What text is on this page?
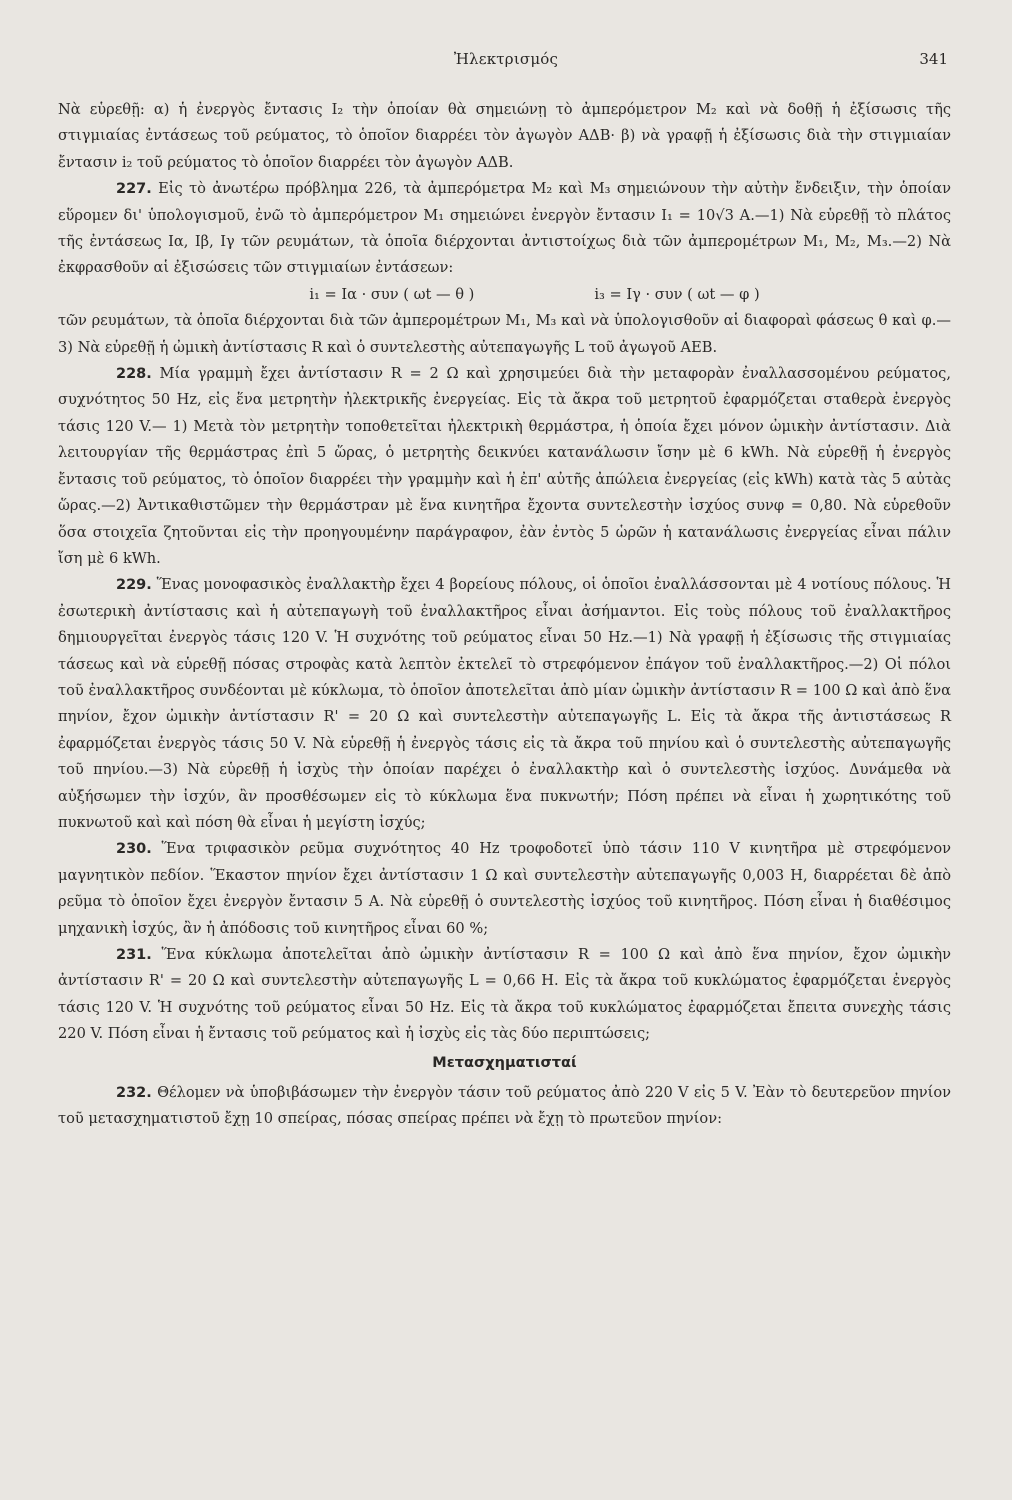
Ἠλεκτρισμός	341

Νὰ εὑρεθῇ: α) ἡ ἐνεργὸς ἔντασις I₂ τὴν ὁποίαν θὰ σημειώνῃ τὸ ἀμπερόμετρον M₂ καὶ νὰ δοθῇ ἡ ἐξίσωσις τῆς στιγμιαίας ἐντάσεως τοῦ ρεύματος, τὸ ὁποῖον διαρρέει τὸν ἀγωγὸν ΑΔΒ· β) νὰ γραφῇ ἡ ἐξίσωσις διὰ τὴν στιγμιαίαν ἔντασιν i₂ τοῦ ρεύματος τὸ ὁποῖον διαρρέει τὸν ἀγωγὸν ΑΔΒ.

227. Εἰς τὸ ἀνωτέρω πρόβλημα 226, τὰ ἀμπερόμετρα M₂ καὶ M₃ σημειώνουν τὴν αὐτὴν ἔνδειξιν, τὴν ὁποίαν εὕρομεν δι' ὑπολογισμοῦ, ἐνῶ τὸ ἀμπερόμετρον M₁ σημειώνει ἐνεργὸν ἔντασιν I₁ = 10√3 A.—1) Νὰ εὑρεθῇ τὸ πλάτος τῆς ἐντάσεως Iα, Iβ, Iγ τῶν ρευμάτων, τὰ ὁποῖα διέρχονται ἀντιστοίχως διὰ τῶν ἀμπερομέτρων M₁, M₂, M₃.—2) Νὰ ἐκφρασθοῦν αἱ ἐξισώσεις τῶν στιγμιαίων ἐντάσεων:

i₁ = Iα · συν ( ωt — θ )	i₃ = Iγ · συν ( ωt — φ )

τῶν ρευμάτων, τὰ ὁποῖα διέρχονται διὰ τῶν ἀμπερομέτρων M₁, M₃ καὶ νὰ ὑπολογισθοῦν αἱ διαφοραὶ φάσεως θ καὶ φ.— 3) Νὰ εὑρεθῇ ἡ ὠμικὴ ἀντίστασις R καὶ ὁ συντελεστὴς αὐτεπαγωγῆς L τοῦ ἀγωγοῦ ΑΕΒ.

228. Μία γραμμὴ ἔχει ἀντίστασιν R = 2 Ω καὶ χρησιμεύει διὰ τὴν μεταφορὰν ἐναλλασσομένου ρεύματος, συχνότητος 50 Hz, εἰς ἕνα μετρητὴν ἠλεκτρικῆς ἐνεργείας. Εἰς τὰ ἄκρα τοῦ μετρητοῦ ἐφαρμόζεται σταθερὰ ἐνεργὸς τάσις 120 V.— 1) Μετὰ τὸν μετρητὴν τοποθετεῖται ἠλεκτρικὴ θερμάστρα, ἡ ὁποία ἔχει μόνον ὠμικὴν ἀντίστασιν. Διὰ λειτουργίαν τῆς θερμάστρας ἐπὶ 5 ὥρας, ὁ μετρητὴς δεικνύει κατανάλωσιν ἴσην μὲ 6 kWh. Νὰ εὑρεθῇ ἡ ἐνεργὸς ἔντασις τοῦ ρεύματος, τὸ ὁποῖον διαρρέει τὴν γραμμὴν καὶ ἡ ἐπ' αὐτῆς ἀπώλεια ἐνεργείας (εἰς kWh) κατὰ τὰς 5 αὐτὰς ὥρας.—2) Ἀντικαθιστῶμεν τὴν θερμάστραν μὲ ἕνα κινητῆρα ἔχοντα συντελεστὴν ἰσχύος συνφ = 0,80. Νὰ εὑρεθοῦν ὅσα στοιχεῖα ζητοῦνται εἰς τὴν προηγουμένην παράγραφον, ἐὰν ἐντὸς 5 ὡρῶν ἡ κατανάλωσις ἐνεργείας εἶναι πάλιν ἴση μὲ 6 kWh.

229. Ἕνας μονοφασικὸς ἐναλλακτὴρ ἔχει 4 βορείους πόλους, οἱ ὁποῖοι ἐναλλάσσονται μὲ 4 νοτίους πόλους. Ἡ ἐσωτερικὴ ἀντίστασις καὶ ἡ αὐτεπαγωγὴ τοῦ ἐναλλακτῆρος εἶναι ἀσήμαντοι. Εἰς τοὺς πόλους τοῦ ἐναλλακτῆρος δημιουργεῖται ἐνεργὸς τάσις 120 V. Ἡ συχνότης τοῦ ρεύματος εἶναι 50 Hz.—1) Νὰ γραφῇ ἡ ἐξίσωσις τῆς στιγμιαίας τάσεως καὶ νὰ εὑρεθῇ πόσας στροφὰς κατὰ λεπτὸν ἐκτελεῖ τὸ στρεφόμενον ἐπάγον τοῦ ἐναλλακτῆρος.—2) Οἱ πόλοι τοῦ ἐναλλακτῆρος συνδέονται μὲ κύκλωμα, τὸ ὁποῖον ἀποτελεῖται ἀπὸ μίαν ὠμικὴν ἀντίστασιν R = 100 Ω καὶ ἀπὸ ἕνα πηνίον, ἔχον ὠμικὴν ἀντίστασιν R' = 20 Ω καὶ συντελεστὴν αὐτεπαγωγῆς L. Εἰς τὰ ἄκρα τῆς ἀντιστάσεως R ἐφαρμόζεται ἐνεργὸς τάσις 50 V. Νὰ εὑρεθῇ ἡ ἐνεργὸς τάσις εἰς τὰ ἄκρα τοῦ πηνίου καὶ ὁ συντελεστὴς αὐτεπαγωγῆς τοῦ πηνίου.—3) Νὰ εὑρεθῇ ἡ ἰσχὺς τὴν ὁποίαν παρέχει ὁ ἐναλλακτὴρ καὶ ὁ συντελεστὴς ἰσχύος. Δυνάμεθα νὰ αὐξήσωμεν τὴν ἰσχύν, ἂν προσθέσωμεν εἰς τὸ κύκλωμα ἕνα πυκνωτήν; Πόση πρέπει νὰ εἶναι ἡ χωρητικότης τοῦ πυκνωτοῦ καὶ καὶ πόση θὰ εἶναι ἡ μεγίστη ἰσχύς;

230. Ἕνα τριφασικὸν ρεῦμα συχνότητος 40 Hz τροφοδοτεῖ ὑπὸ τάσιν 110 V κινητῆρα μὲ στρεφόμενον μαγνητικὸν πεδίον. Ἕκαστον πηνίον ἔχει ἀντίστασιν 1 Ω καὶ συντελεστὴν αὐτεπαγωγῆς 0,003 H, διαρρέεται δὲ ἀπὸ ρεῦμα τὸ ὁποῖον ἔχει ἐνεργὸν ἔντασιν 5 A. Νὰ εὑρεθῇ ὁ συντελεστὴς ἰσχύος τοῦ κινητῆρος. Πόση εἶναι ἡ διαθέσιμος μηχανικὴ ἰσχύς, ἂν ἡ ἀπόδοσις τοῦ κινητῆρος εἶναι 60 %;

231. Ἕνα κύκλωμα ἀποτελεῖται ἀπὸ ὠμικὴν ἀντίστασιν R = 100 Ω καὶ ἀπὸ ἕνα πηνίον, ἔχον ὠμικὴν ἀντίστασιν R' = 20 Ω καὶ συντελεστὴν αὐτεπαγωγῆς L = 0,66 H. Εἰς τὰ ἄκρα τοῦ κυκλώματος ἐφαρμόζεται ἐνεργὸς τάσις 120 V. Ἡ συχνότης τοῦ ρεύματος εἶναι 50 Hz. Εἰς τὰ ἄκρα τοῦ κυκλώματος ἐφαρμόζεται ἔπειτα συνεχὴς τάσις 220 V. Πόση εἶναι ἡ ἔντασις τοῦ ρεύματος καὶ ἡ ἰσχὺς εἰς τὰς δύο περιπτώσεις;

Μετασχηματισταί

232. Θέλομεν νὰ ὑποβιβάσωμεν τὴν ἐνεργὸν τάσιν τοῦ ρεύματος ἀπὸ 220 V εἰς 5 V. Ἐὰν τὸ δευτερεῦον πηνίον τοῦ μετασχηματιστοῦ ἔχῃ 10 σπείρας, πόσας σπείρας πρέπει νὰ ἔχῃ τὸ πρωτεῦον πηνίον:
